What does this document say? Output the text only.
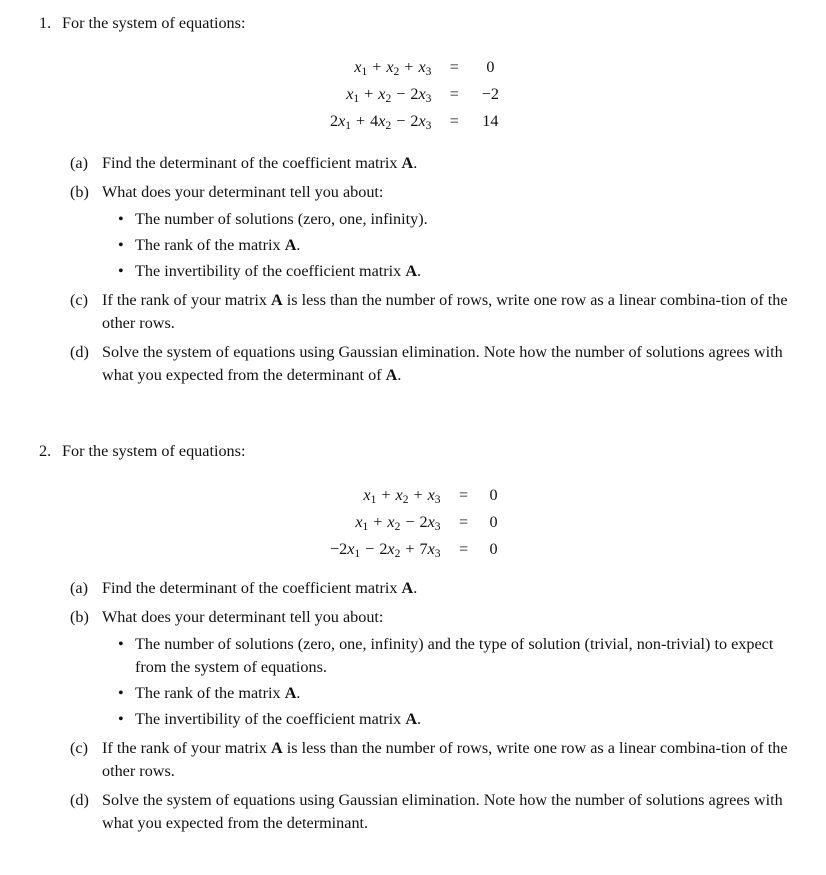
1. For the system of equations:
x1 + x2 + x3	=	0
x1 + x2 − 2x3	=	−2
2x1 + 4x2 − 2x3	=	14
(a) Find the determinant of the coefficient matrix A.
(b) What does your determinant tell you about:
• The number of solutions (zero, one, infinity).
• The rank of the matrix A.
• The invertibility of the coefficient matrix A.
(c) If the rank of your matrix A is less than the number of rows, write one row as a linear combina-tion of the other rows.
(d) Solve the system of equations using Gaussian elimination. Note how the number of solutions agrees with what you expected from the determinant of A.
2. For the system of equations:
x1 + x2 + x3	=	0
x1 + x2 − 2x3	=	0
−2x1 − 2x2 + 7x3	=	0
(a) Find the determinant of the coefficient matrix A.
(b) What does your determinant tell you about:
• The number of solutions (zero, one, infinity) and the type of solution (trivial, non-trivial) to expect from the system of equations.
• The rank of the matrix A.
• The invertibility of the coefficient matrix A.
(c) If the rank of your matrix A is less than the number of rows, write one row as a linear combina-tion of the other rows.
(d) Solve the system of equations using Gaussian elimination. Note how the number of solutions agrees with what you expected from the determinant.
